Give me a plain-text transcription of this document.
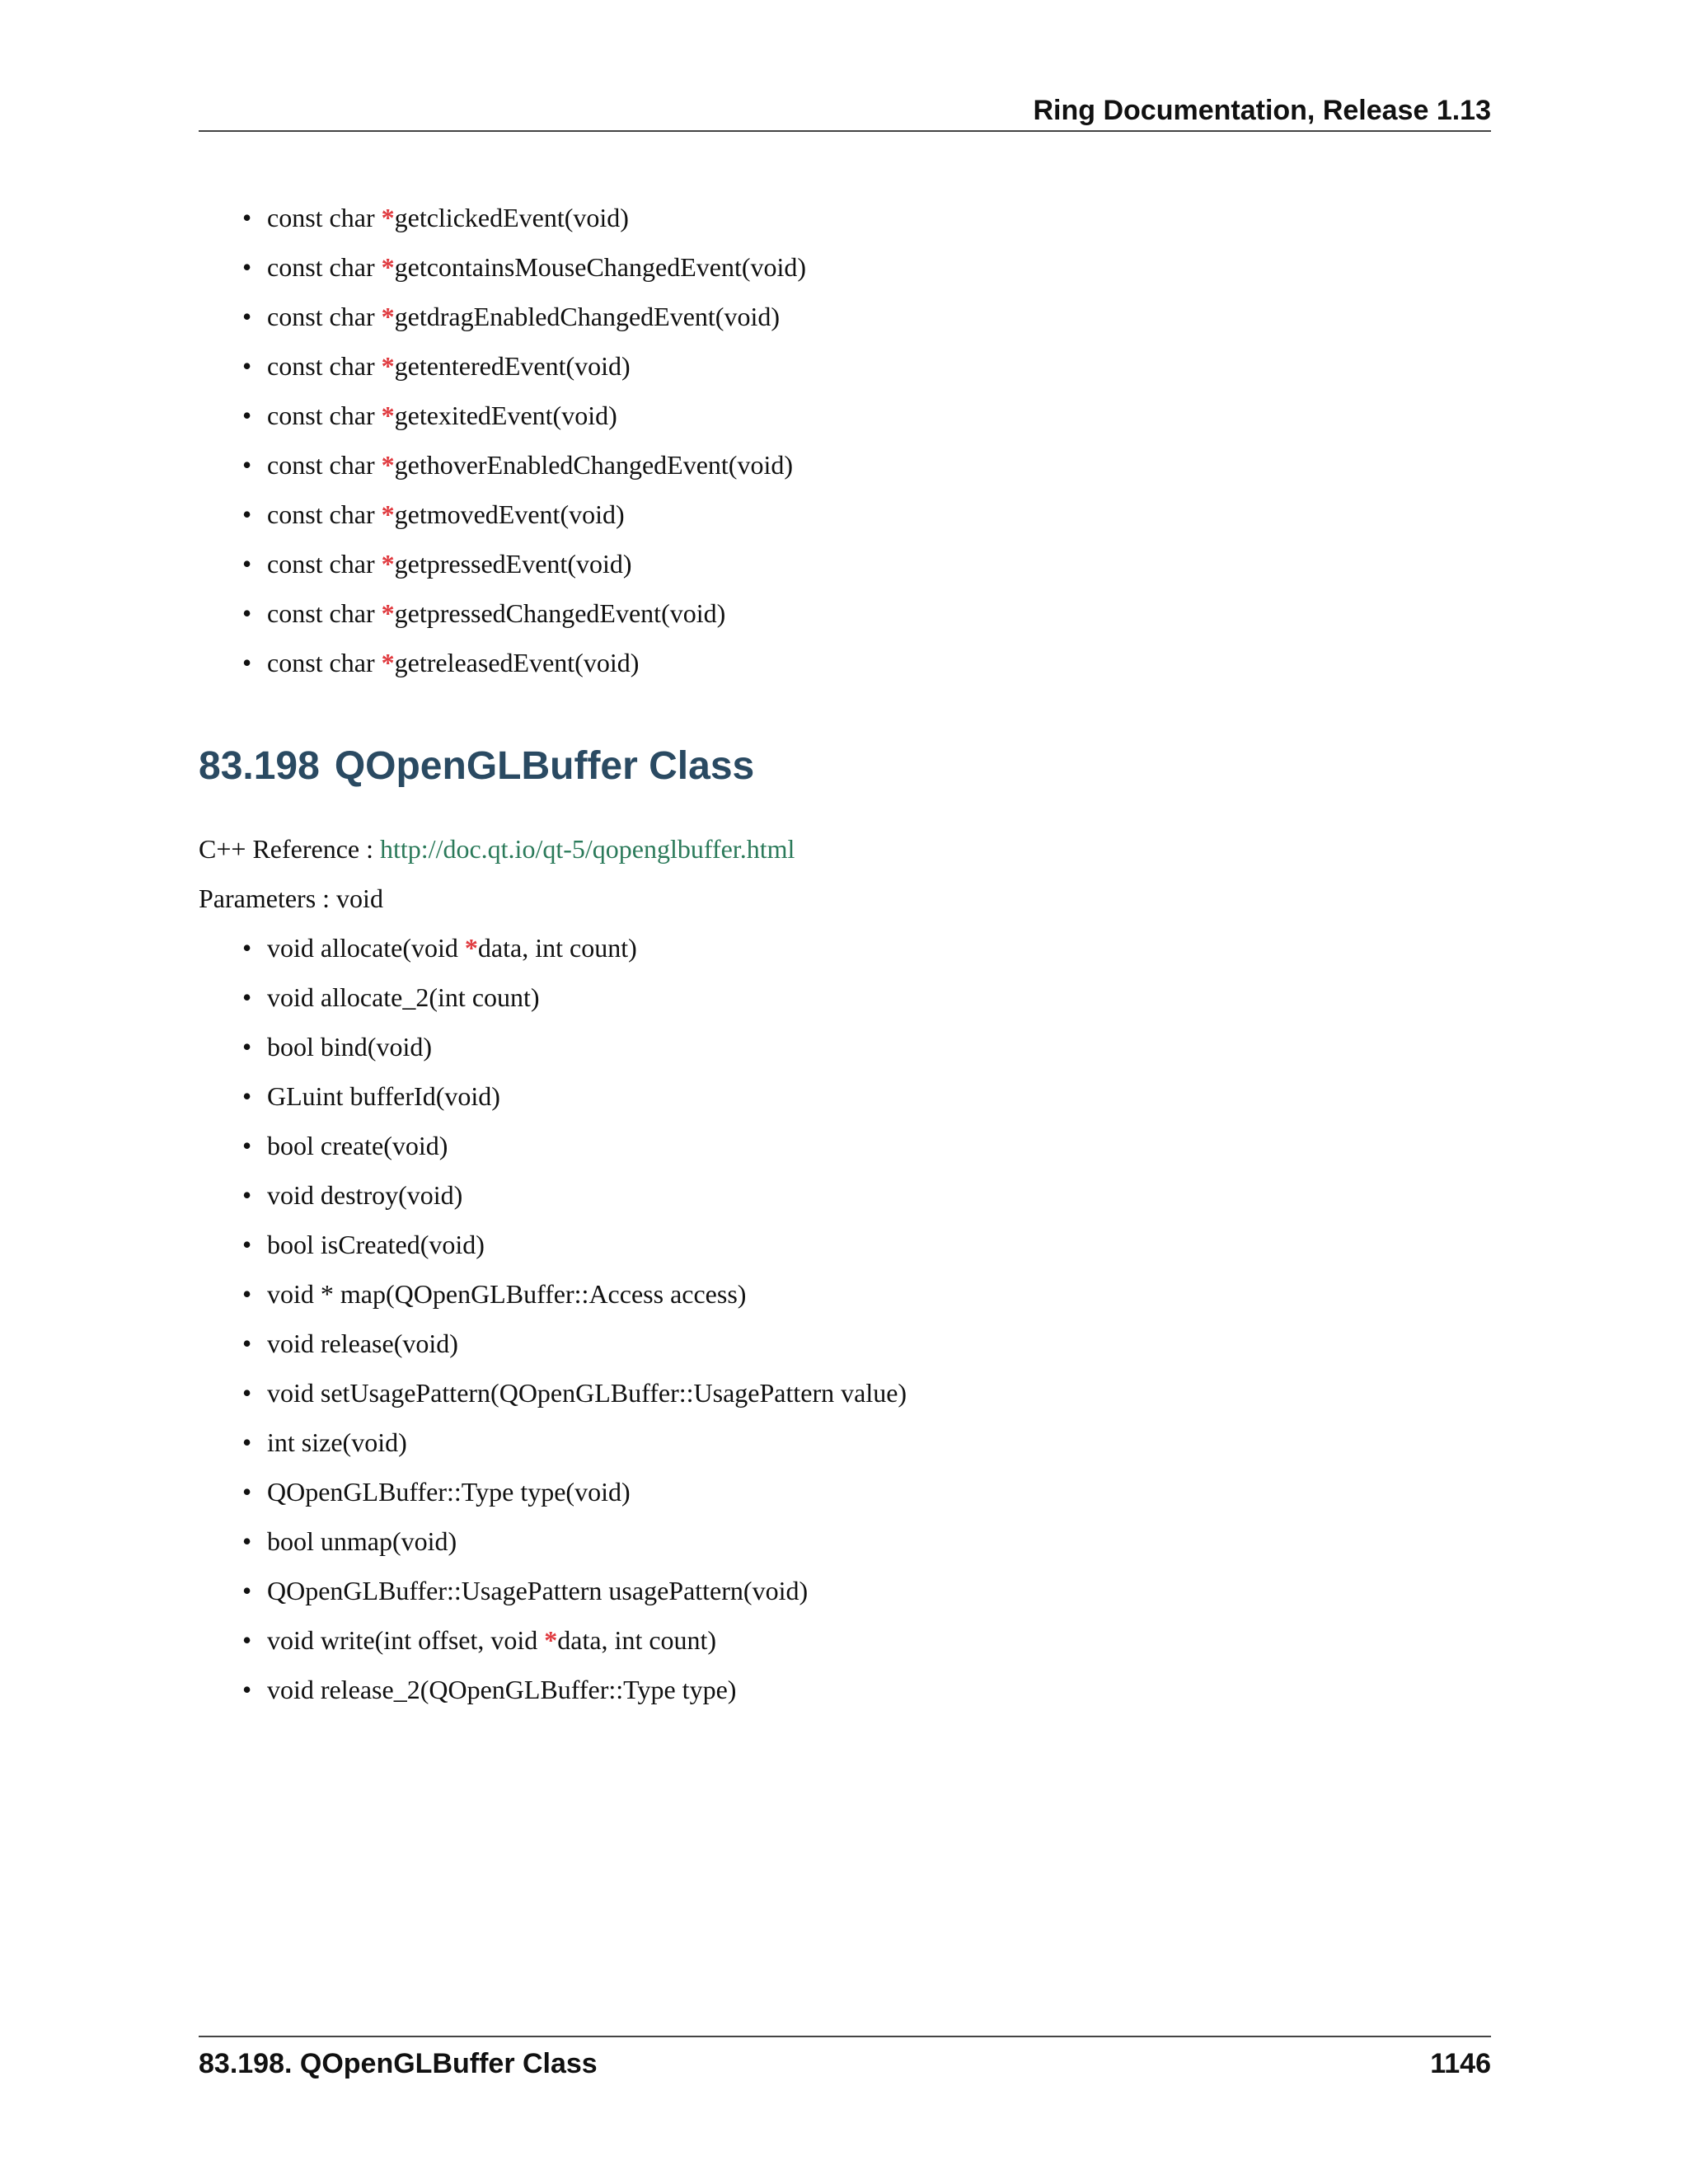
Ring Documentation, Release 1.13
• const char *getclickedEvent(void)
• const char *getcontainsMouseChangedEvent(void)
• const char *getdragEnabledChangedEvent(void)
• const char *getenteredEvent(void)
• const char *getexitedEvent(void)
• const char *gethoverEnabledChangedEvent(void)
• const char *getmovedEvent(void)
• const char *getpressedEvent(void)
• const char *getpressedChangedEvent(void)
• const char *getreleasedEvent(void)
83.198 QOpenGLBuffer Class

C++ Reference : http://doc.qt.io/qt-5/qopenglbuffer.html

Parameters : void

• void allocate(void *data, int count)
• void allocate_2(int count)
• bool bind(void)
• GLuint bufferId(void)
• bool create(void)
• void destroy(void)
• bool isCreated(void)
• void * map(QOpenGLBuffer::Access access)
• void release(void)
• void setUsagePattern(QOpenGLBuffer::UsagePattern value)
• int size(void)
• QOpenGLBuffer::Type type(void)
• bool unmap(void)
• QOpenGLBuffer::UsagePattern usagePattern(void)
• void write(int offset, void *data, int count)
• void release_2(QOpenGLBuffer::Type type)
83.198. QOpenGLBuffer Class	1146
